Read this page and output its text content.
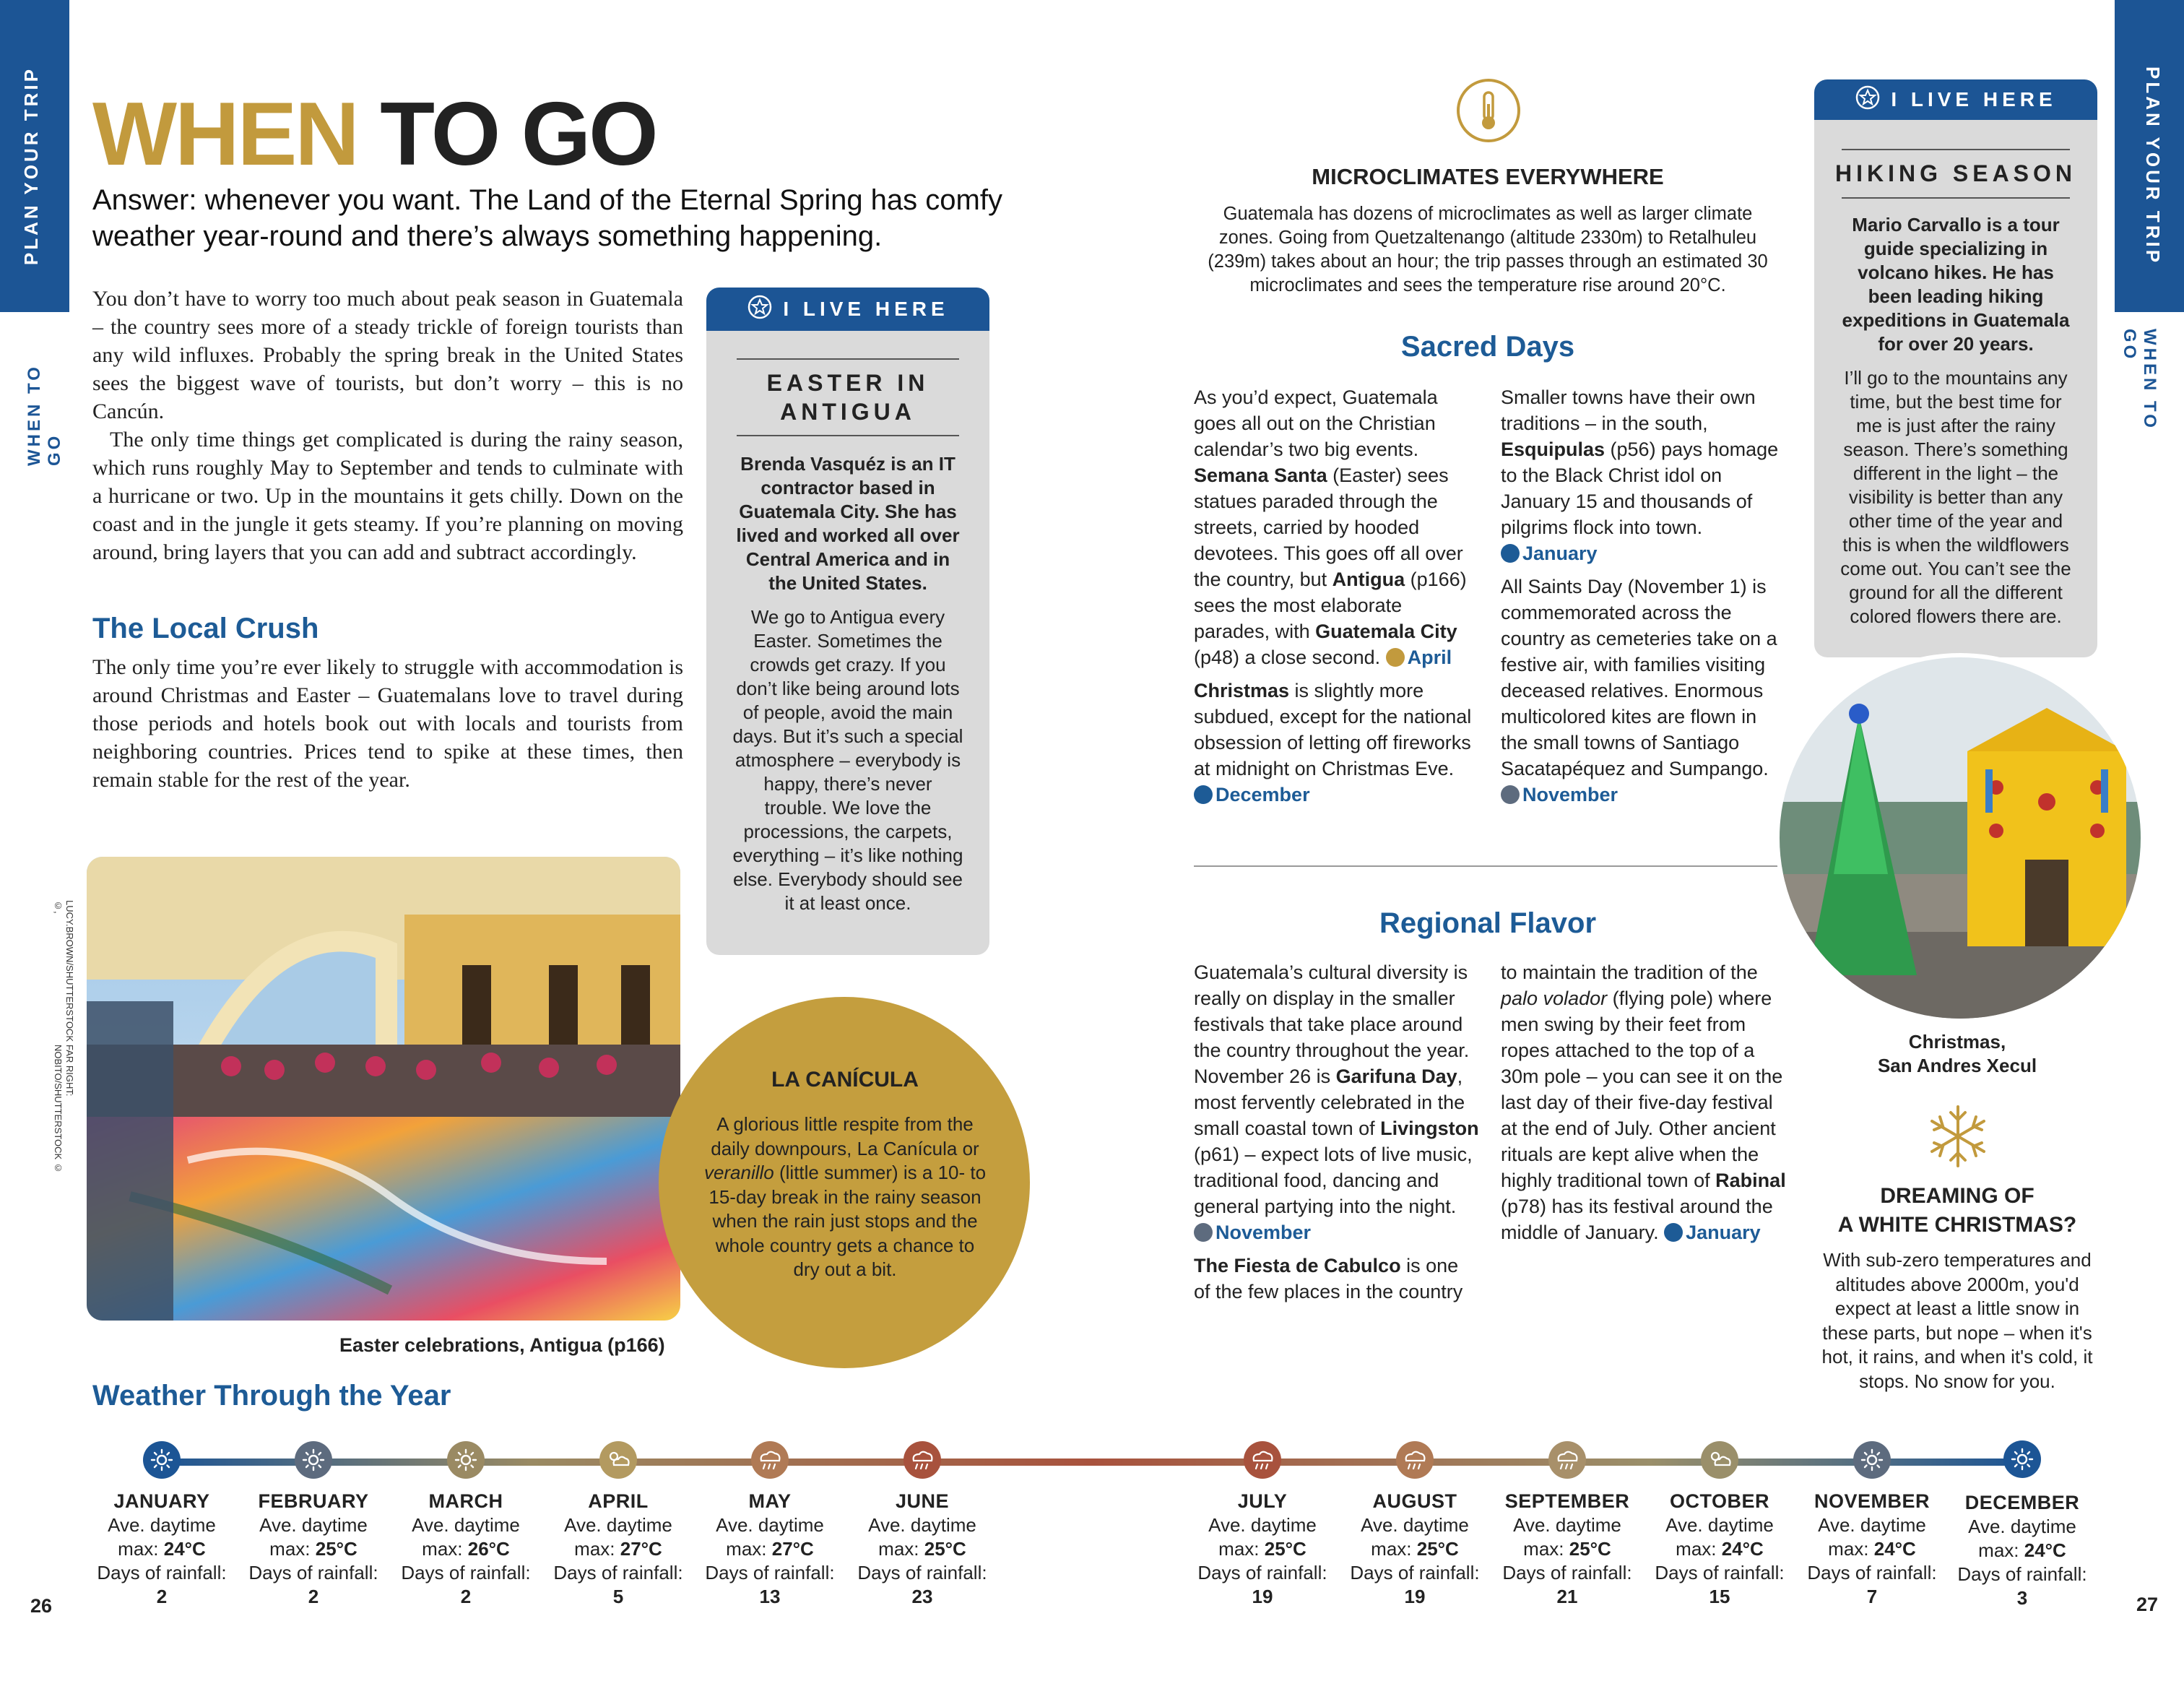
PLAN YOUR TRIP
WHEN TO GO
PLAN YOUR TRIP
WHEN TO GO
WHEN TO GO
Answer: whenever you want. The Land of the Eternal Spring has comfy weather year-round and there’s always something happening.
You don’t have to worry too much about peak season in Guatemala – the country sees more of a steady trickle of foreign tourists than any wild influxes. Probably the spring break in the United States sees the biggest wave of tourists, but don’t worry – this is no Cancún.
The only time things get complicated is during the rainy season, which runs roughly May to September and tends to culminate with a hurricane or two. Up in the mountains it gets chilly. Down on the coast and in the jungle it gets steamy. If you’re planning on moving around, bring layers that you can add and subtract accordingly.
The Local Crush
The only time you’re ever likely to struggle with accommodation is around Christmas and Easter – Guatemalans love to travel during those periods and hotels book out with locals and tourists from neighboring countries. Prices tend to spike at these times, then remain stable for the rest of the year.
LUCY.BROWN/SHUTTERSTOCK ©,
FAR RIGHT: NOBITO/SHUTTERSTOCK ©
Easter celebrations, Antigua (p166)
I LIVE HERE
EASTER IN
ANTIGUA
Brenda Vasquéz is an IT contractor based in Guatemala City. She has lived and worked all over Central America and in the United States.
We go to Antigua every Easter. Sometimes the crowds get crazy. If you don’t like being around lots of people, avoid the main days. But it’s such a special atmosphere – everybody is happy, there’s never trouble. We love the processions, the carpets, everything – it’s like nothing else. Everybody should see it at least once.
LA CANÍCULA
A glorious little respite from the daily downpours, La Canícula or veranillo (little summer) is a 10- to 15-day break in the rainy season when the rain just stops and the whole country gets a chance to dry out a bit.
MICROCLIMATES EVERYWHERE
Guatemala has dozens of microclimates as well as larger climate zones. Going from Quetzaltenango (altitude 2330m) to Retalhuleu (239m) takes about an hour; the trip passes through an estimated 30 microclimates and sees the temperature rise around 20°C.
Sacred Days
As you’d expect, Guatemala goes all out on the Christian calendar’s two big events. Semana Santa (Easter) sees statues paraded through the streets, carried by hooded devotees. This goes off all over the country, but Antigua (p166) sees the most elaborate parades, with Guatemala City (p48) a close second. April
Christmas is slightly more subdued, except for the national obsession of letting off fireworks at midnight on Christmas Eve. December
Smaller towns have their own traditions – in the south, Esquipulas (p56) pays homage to the Black Christ idol on January 15 and thousands of pilgrims flock into town.
January
All Saints Day (November 1) is commemorated across the country as cemeteries take on a festive air, with families visiting deceased relatives. Enormous multicolored kites are flown in the small towns of Santiago Sacatapéquez and Sumpango. November
Regional Flavor
Guatemala’s cultural diversity is really on display in the smaller festivals that take place around the country throughout the year. November 26 is Garifuna Day, most fervently celebrated in the small coastal town of Livingston (p61) – expect lots of live music, traditional food, dancing and general partying into the night.
November
The Fiesta de Cabulco is one of the few places in the country
to maintain the tradition of the palo volador (flying pole) where men swing by their feet from ropes attached to the top of a 30m pole – you can see it on the last day of their five-day festival at the end of July. Other ancient rituals are kept alive when the highly traditional town of Rabinal (p78) has its festival around the middle of January. January
I LIVE HERE
HIKING SEASON
Mario Carvallo is a tour guide specializing in volcano hikes. He has been leading hiking expeditions in Guatemala for over 20 years.
I’ll go to the mountains any time, but the best time for me is just after the rainy season. There’s something different in the light – the visibility is better than any other time of the year and this is when the wildflowers come out. You can’t see the ground for all the different colored flowers there are.
Christmas,
San Andres Xecul
DREAMING OF
A WHITE CHRISTMAS?
With sub-zero temperatures and altitudes above 2000m, you'd expect at least a little snow in these parts, but nope – when it's hot, it rains, and when it's cold, it stops. No snow for you.
Weather Through the Year
JANUARY
Ave. daytime
max: 24°C
Days of rainfall:
2
FEBRUARY
Ave. daytime
max: 25°C
Days of rainfall:
2
MARCH
Ave. daytime
max: 26°C
Days of rainfall:
2
APRIL
Ave. daytime
max: 27°C
Days of rainfall:
5
MAY
Ave. daytime
max: 27°C
Days of rainfall:
13
JUNE
Ave. daytime
max: 25°C
Days of rainfall:
23
JULY
Ave. daytime
max: 25°C
Days of rainfall:
19
AUGUST
Ave. daytime
max: 25°C
Days of rainfall:
19
SEPTEMBER
Ave. daytime
max: 25°C
Days of rainfall:
21
OCTOBER
Ave. daytime
max: 24°C
Days of rainfall:
15
NOVEMBER
Ave. daytime
max: 24°C
Days of rainfall:
7
DECEMBER
Ave. daytime
max: 24°C
Days of rainfall:
3
26	27
